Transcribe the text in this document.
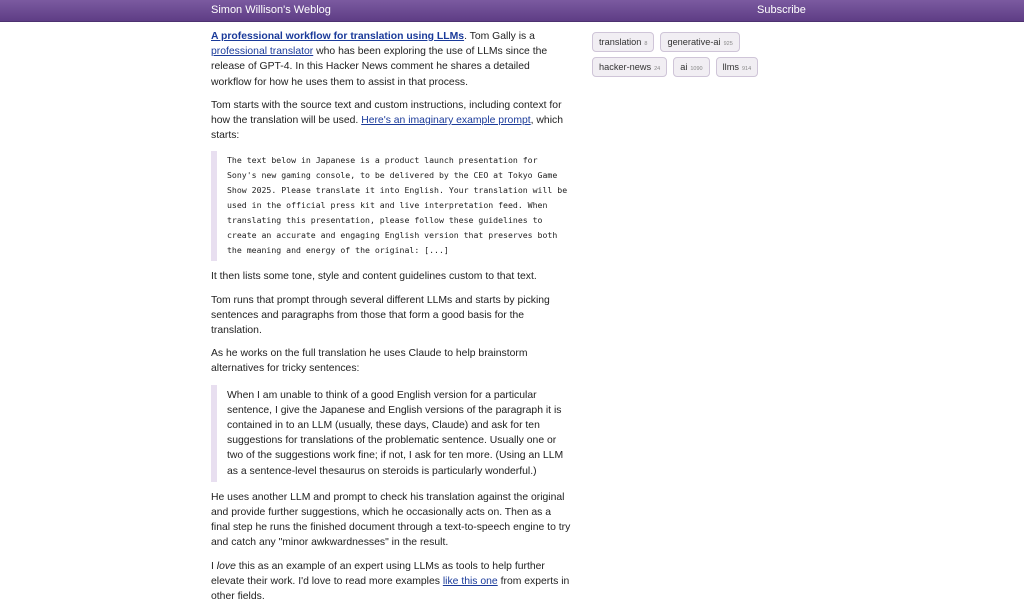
Simon Willison's Weblog	Subscribe

A professional workflow for translation using LLMs. Tom Gally is a professional translator who has been exploring the use of LLMs since the release of GPT-4. In this Hacker News comment he shares a detailed workflow for how he uses them to assist in that process.

Tom starts with the source text and custom instructions, including context for how the translation will be used. Here's an imaginary example prompt, which starts:

The text below in Japanese is a product launch presentation for Sony's new gaming console, to be delivered by the CEO at Tokyo Game Show 2025. Please translate it into English. Your translation will be used in the official press kit and live interpretation feed. When translating this presentation, please follow these guidelines to create an accurate and engaging English version that preserves both the meaning and energy of the original: [...]

It then lists some tone, style and content guidelines custom to that text.

Tom runs that prompt through several different LLMs and starts by picking sentences and paragraphs from those that form a good basis for the translation.

As he works on the full translation he uses Claude to help brainstorm alternatives for tricky sentences:

When I am unable to think of a good English version for a particular sentence, I give the Japanese and English versions of the paragraph it is contained in to an LLM (usually, these days, Claude) and ask for ten suggestions for translations of the problematic sentence. Usually one or two of the suggestions work fine; if not, I ask for ten more. (Using an LLM as a sentence-level thesaurus on steroids is particularly wonderful.)

He uses another LLM and prompt to check his translation against the original and provide further suggestions, which he occasionally acts on. Then as a final step he runs the finished document through a text-to-speech engine to try and catch any "minor awkwardnesses" in the result.

I love this as an example of an expert using LLMs as tools to help further elevate their work. I'd love to read more examples like this one from experts in other fields.

translation 8 generative-ai 925
hacker-news 24 ai 1090 llms 914
